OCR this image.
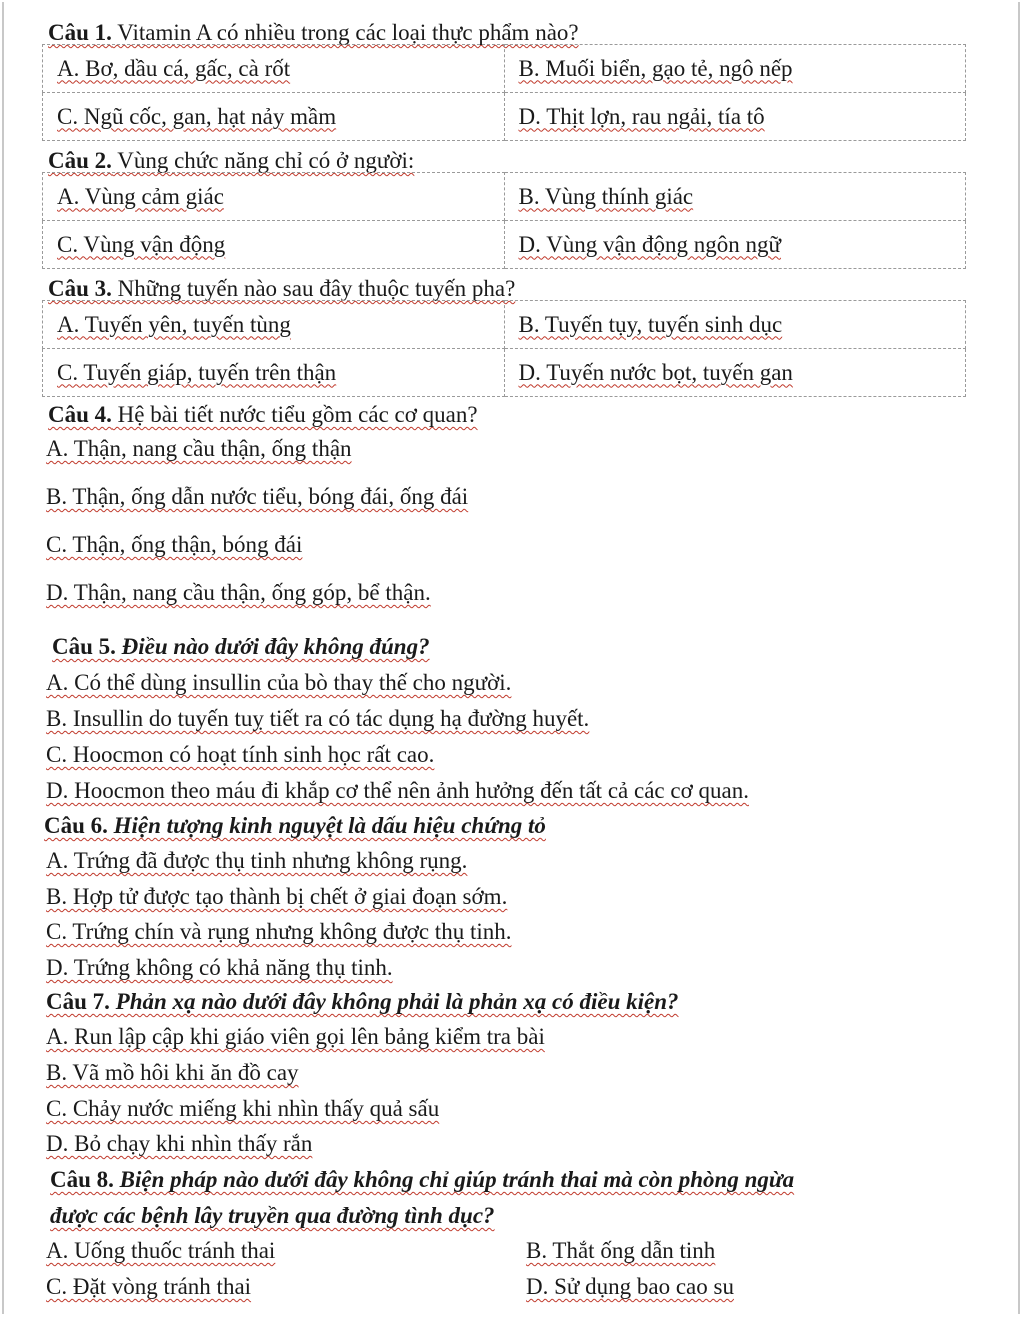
Câu 1. Vitamin A có nhiều trong các loại thực phẩm nào?
A. Bơ, dầu cá, gấc, cà rốt	B. Muối biển, gạo tẻ, ngô nếp
C. Ngũ cốc, gan, hạt nảy mầm	D. Thịt lợn, rau ngải, tía tô
Câu 2. Vùng chức năng chỉ có ở người:
A. Vùng cảm giác	B. Vùng thính giác
C. Vùng vận động	D. Vùng vận động ngôn ngữ
Câu 3. Những tuyến nào sau đây thuộc tuyến pha?
A. Tuyến yên, tuyến tùng	B. Tuyến tụy, tuyến sinh dục
C. Tuyến giáp, tuyến trên thận	D. Tuyến nước bọt, tuyến gan
Câu 4. Hệ bài tiết nước tiểu gồm các cơ quan?
A. Thận, nang cầu thận, ống thận
B. Thận, ống dẫn nước tiểu, bóng đái, ống đái
C. Thận, ống thận, bóng đái
D. Thận, nang cầu thận, ống góp, bể thận.
Câu 5. Điều nào dưới đây không đúng?
A. Có thể dùng insullin của bò thay thế cho người.
B. Insullin do tuyến tuỵ tiết ra có tác dụng hạ đường huyết.
C. Hoocmon có hoạt tính sinh học rất cao.
D. Hoocmon theo máu đi khắp cơ thể nên ảnh hưởng đến tất cả các cơ quan.
Câu 6. Hiện tượng kinh nguyệt là dấu hiệu chứng tỏ
A. Trứng đã được thụ tinh nhưng không rụng.
B. Hợp tử được tạo thành bị chết ở giai đoạn sớm.
C. Trứng chín và rụng nhưng không được thụ tinh.
D. Trứng không có khả năng thụ tinh.
Câu 7. Phản xạ nào dưới đây không phải là phản xạ có điều kiện?
A. Run lập cập khi giáo viên gọi lên bảng kiểm tra bài
B. Vã mồ hôi khi ăn đồ cay
C. Chảy nước miếng khi nhìn thấy quả sấu
D. Bỏ chạy khi nhìn thấy rắn
Câu 8. Biện pháp nào dưới đây không chỉ giúp tránh thai mà còn phòng ngừa
được các bệnh lây truyền qua đường tình dục?
A. Uống thuốc tránh thai	B. Thắt ống dẫn tinh
C. Đặt vòng tránh thai	D. Sử dụng bao cao su
